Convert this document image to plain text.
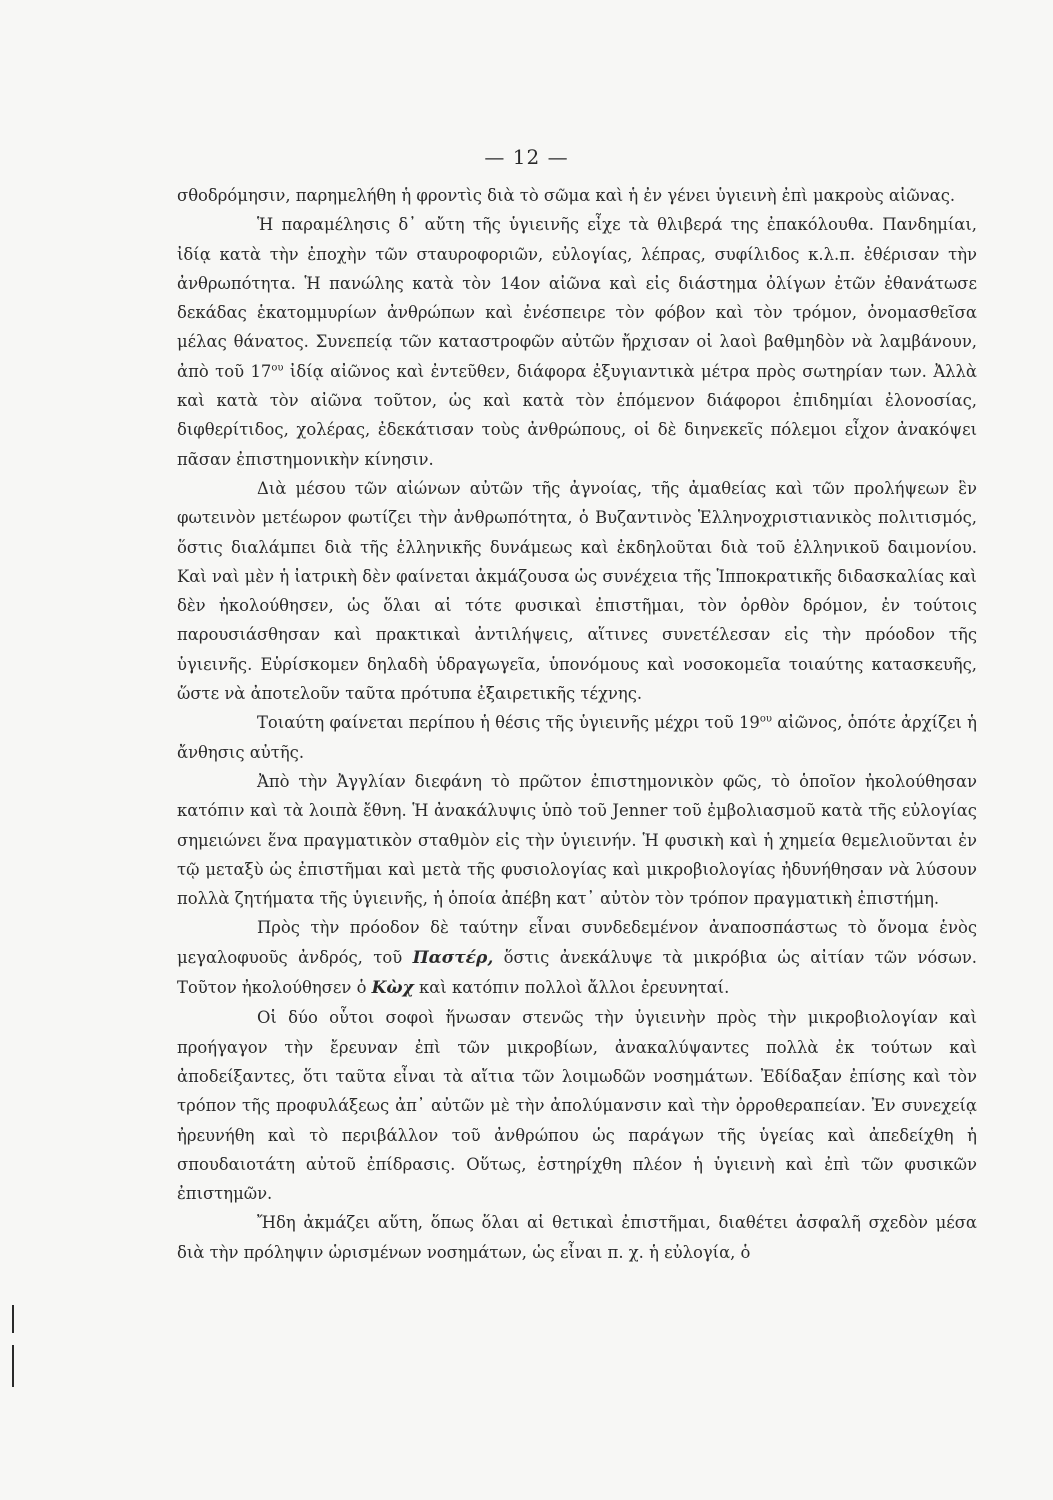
— 12 —

σθοδρόμησιν, παρημελήθη ἡ φροντὶς διὰ τὸ σῶμα καὶ ἡ ἐν γένει ὑγιεινὴ ἐπὶ μακροὺς αἰῶνας.

Ἡ παραμέλησις δ᾽ αὔτη τῆς ὑγιεινῆς εἶχε τὰ θλιβερά της ἐπακόλουθα. Πανδημίαι, ἰδίᾳ κατὰ τὴν ἐποχὴν τῶν σταυροφοριῶν, εὐλογίας, λέπρας, συφίλιδος κ.λ.π. ἐθέρισαν τὴν ἀνθρωπότητα. Ἡ πανώλης κατὰ τὸν 14ον αἰῶνα καὶ εἰς διάστημα ὀλίγων ἐτῶν ἐθανάτωσε δεκάδας ἑκατομμυρίων ἀνθρώπων καὶ ἐνέσπειρε τὸν φόβον καὶ τὸν τρόμον, ὀνομασθεῖσα μέλας θάνατος. Συνεπείᾳ τῶν καταστροφῶν αὐτῶν ἤρχισαν οἱ λαοὶ βαθμηδὸν νὰ λαμβάνουν, ἀπὸ τοῦ $17^{o\upsilon}$ ἰδίᾳ αἰῶνος καὶ ἐντεῦθεν, διάφορα ἐξυγιαντικὰ μέτρα πρὸς σωτηρίαν των. Ἀλλὰ καὶ κατὰ τὸν αἰῶνα τοῦτον, ὡς καὶ κατὰ τὸν ἑπόμενον διάφοροι ἐπιδημίαι ἐλονοσίας, διφθερίτιδος, χολέρας, ἐδεκάτισαν τοὺς ἀνθρώπους, οἱ δὲ διηνεκεῖς πόλεμοι εἶχον ἀνακόψει πᾶσαν ἐπιστημονικὴν κίνησιν.

Διὰ μέσου τῶν αἰώνων αὐτῶν τῆς ἀγνοίας, τῆς ἀμαθείας καὶ τῶν προλήψεων ἓν φωτεινὸν μετέωρον φωτίζει τὴν ἀνθρωπότητα, ὁ Βυζαντινὸς Ἑλληνοχριστιανικὸς πολιτισμός, ὅστις διαλάμπει διὰ τῆς ἑλληνικῆς δυνάμεως καὶ ἐκδηλοῦται διὰ τοῦ ἑλληνικοῦ δαιμονίου. Καὶ ναὶ μὲν ἡ ἰατρικὴ δὲν φαίνεται ἀκμάζουσα ὡς συνέχεια τῆς Ἱπποκρατικῆς διδασκαλίας καὶ δὲν ἠκολούθησεν, ὡς ὅλαι αἱ τότε φυσικαὶ ἐπιστῆμαι, τὸν ὀρθὸν δρόμον, ἐν τούτοις παρουσιάσθησαν καὶ πρακτικαὶ ἀντιλήψεις, αἵτινες συνετέλεσαν εἰς τὴν πρόοδον τῆς ὑγιεινῆς. Εὑρίσκομεν δηλαδὴ ὑδραγωγεῖα, ὑπονόμους καὶ νοσοκομεῖα τοιαύτης κατασκευῆς, ὥστε νὰ ἀποτελοῦν ταῦτα πρότυπα ἐξαιρετικῆς τέχνης.

Τοιαύτη φαίνεται περίπου ἡ θέσις τῆς ὑγιεινῆς μέχρι τοῦ $19^{o\upsilon}$ αἰῶνος, ὁπότε ἀρχίζει ἡ ἄνθησις αὐτῆς.

Ἀπὸ τὴν Ἀγγλίαν διεφάνη τὸ πρῶτον ἐπιστημονικὸν φῶς, τὸ ὁποῖον ἠκολούθησαν κατόπιν καὶ τὰ λοιπὰ ἔθνη. Ἡ ἀνακάλυψις ὑπὸ τοῦ Jenner τοῦ ἐμβολιασμοῦ κατὰ τῆς εὐλογίας σημειώνει ἕνα πραγματικὸν σταθμὸν εἰς τὴν ὑγιεινήν. Ἡ φυσικὴ καὶ ἡ χημεία θεμελιοῦνται ἐν τῷ μεταξὺ ὡς ἐπιστῆμαι καὶ μετὰ τῆς φυσιολογίας καὶ μικροβιολογίας ἠδυνήθησαν νὰ λύσουν πολλὰ ζητήματα τῆς ὑγιεινῆς, ἡ ὁποία ἀπέβη κατ᾽ αὐτὸν τὸν τρόπον πραγματικὴ ἐπιστήμη.

Πρὸς τὴν πρόοδον δὲ ταύτην εἶναι συνδεδεμένον ἀναποσπάστως τὸ ὄνομα ἑνὸς μεγαλοφυοῦς ἀνδρός, τοῦ Παστέρ, ὅστις ἀνεκάλυψε τὰ μικρόβια ὡς αἰτίαν τῶν νόσων. Τοῦτον ἠκολούθησεν ὁ Κὼχ καὶ κατόπιν πολλοὶ ἄλλοι ἐρευνηταί.

Οἱ δύο οὗτοι σοφοὶ ἥνωσαν στενῶς τὴν ὑγιεινὴν πρὸς τὴν μικροβιολογίαν καὶ προήγαγον τὴν ἔρευναν ἐπὶ τῶν μικροβίων, ἀνακαλύψαντες πολλὰ ἐκ τούτων καὶ ἀποδείξαντες, ὅτι ταῦτα εἶναι τὰ αἴτια τῶν λοιμωδῶν νοσημάτων. Ἐδίδαξαν ἐπίσης καὶ τὸν τρόπον τῆς προφυλάξεως ἀπ᾽ αὐτῶν μὲ τὴν ἀπολύμανσιν καὶ τὴν ὀρροθεραπείαν. Ἐν συνεχείᾳ ἠρευνήθη καὶ τὸ περιβάλλον τοῦ ἀνθρώπου ὡς παράγων τῆς ὑγείας καὶ ἀπεδείχθη ἡ σπουδαιοτάτη αὐτοῦ ἐπίδρασις. Οὕτως, ἐστηρίχθη πλέον ἡ ὑγιεινὴ καὶ ἐπὶ τῶν φυσικῶν ἐπιστημῶν.

Ἤδη ἀκμάζει αὕτη, ὅπως ὅλαι αἱ θετικαὶ ἐπιστῆμαι, διαθέτει ἀσφαλῆ σχεδὸν μέσα διὰ τὴν πρόληψιν ὡρισμένων νοσημάτων, ὡς εἶναι π. χ. ἡ εὐλογία, ὁ
